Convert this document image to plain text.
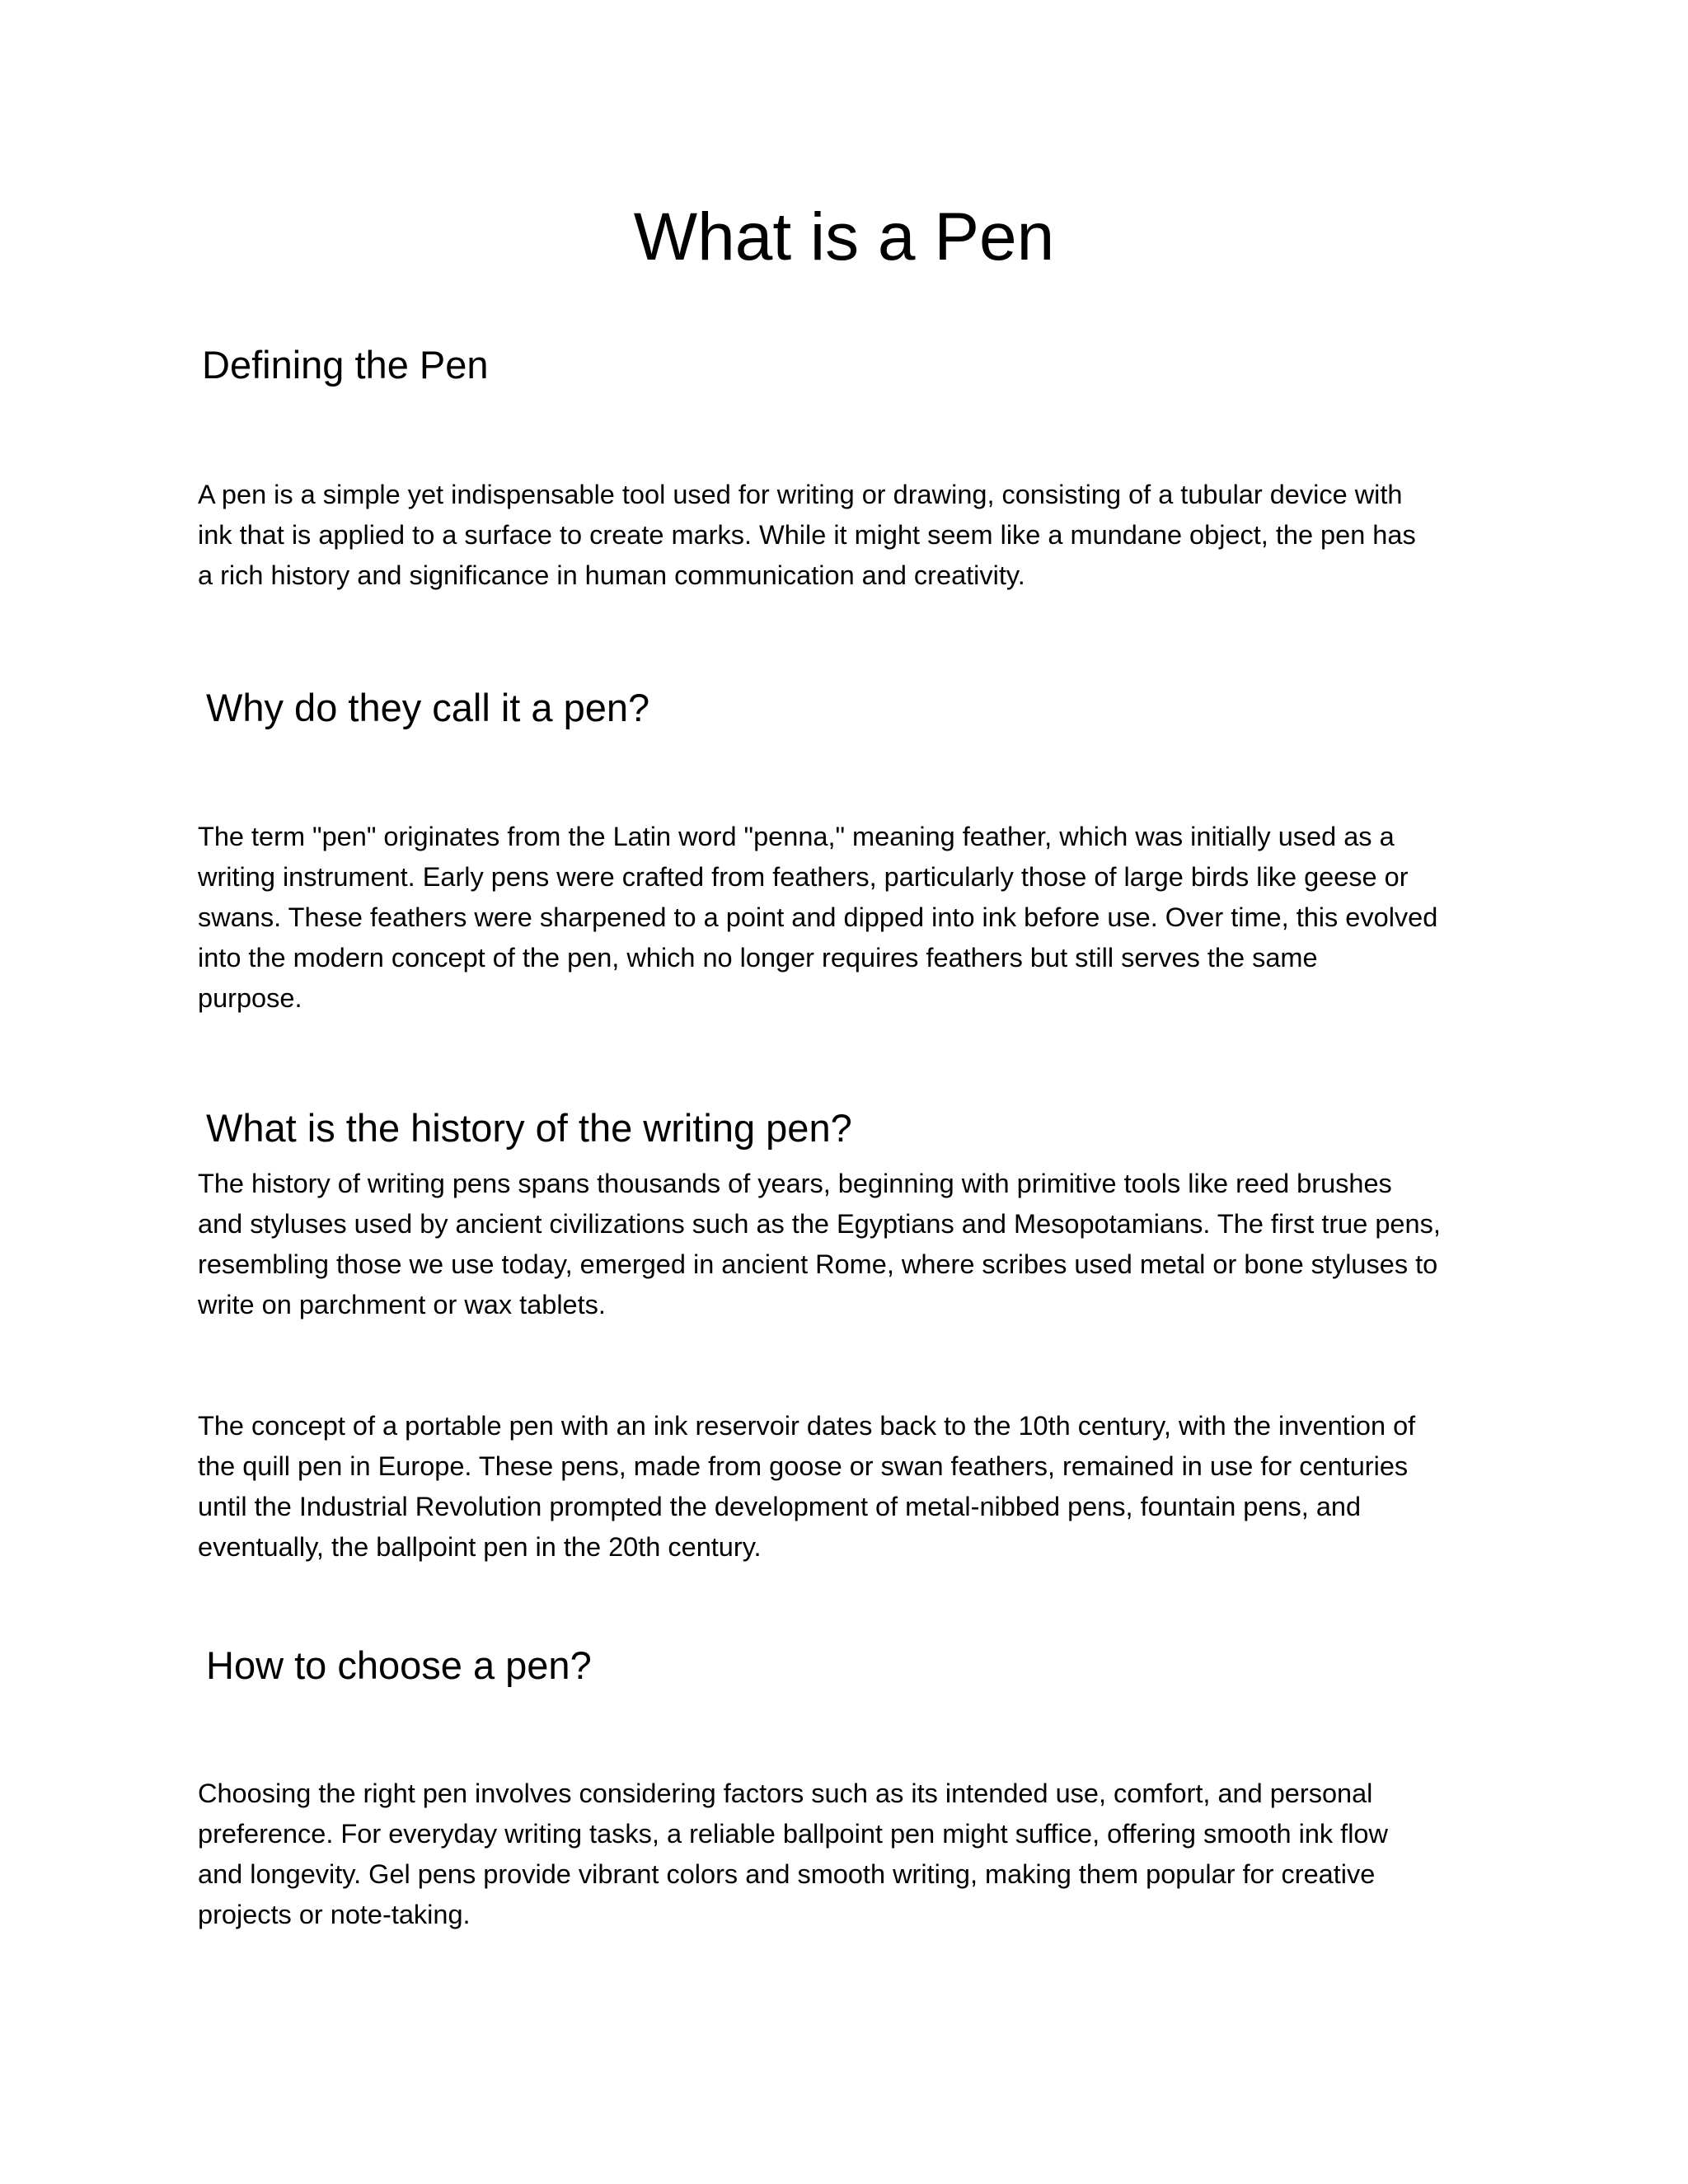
What is a Pen
Defining the Pen

A pen is a simple yet indispensable tool used for writing or drawing, consisting of a tubular device with
ink that is applied to a surface to create marks. While it might seem like a mundane object, the pen has
a rich history and significance in human communication and creativity.

Why do they call it a pen?

The term "pen" originates from the Latin word "penna," meaning feather, which was initially used as a
writing instrument. Early pens were crafted from feathers, particularly those of large birds like geese or
swans. These feathers were sharpened to a point and dipped into ink before use. Over time, this evolved
into the modern concept of the pen, which no longer requires feathers but still serves the same
purpose.

What is the history of the writing pen?

The history of writing pens spans thousands of years, beginning with primitive tools like reed brushes
and styluses used by ancient civilizations such as the Egyptians and Mesopotamians. The first true pens,
resembling those we use today, emerged in ancient Rome, where scribes used metal or bone styluses to
write on parchment or wax tablets.

The concept of a portable pen with an ink reservoir dates back to the 10th century, with the invention of
the quill pen in Europe. These pens, made from goose or swan feathers, remained in use for centuries
until the Industrial Revolution prompted the development of metal-nibbed pens, fountain pens, and
eventually, the ballpoint pen in the 20th century.

How to choose a pen?

Choosing the right pen involves considering factors such as its intended use, comfort, and personal
preference. For everyday writing tasks, a reliable ballpoint pen might suffice, offering smooth ink flow
and longevity. Gel pens provide vibrant colors and smooth writing, making them popular for creative
projects or note-taking.
